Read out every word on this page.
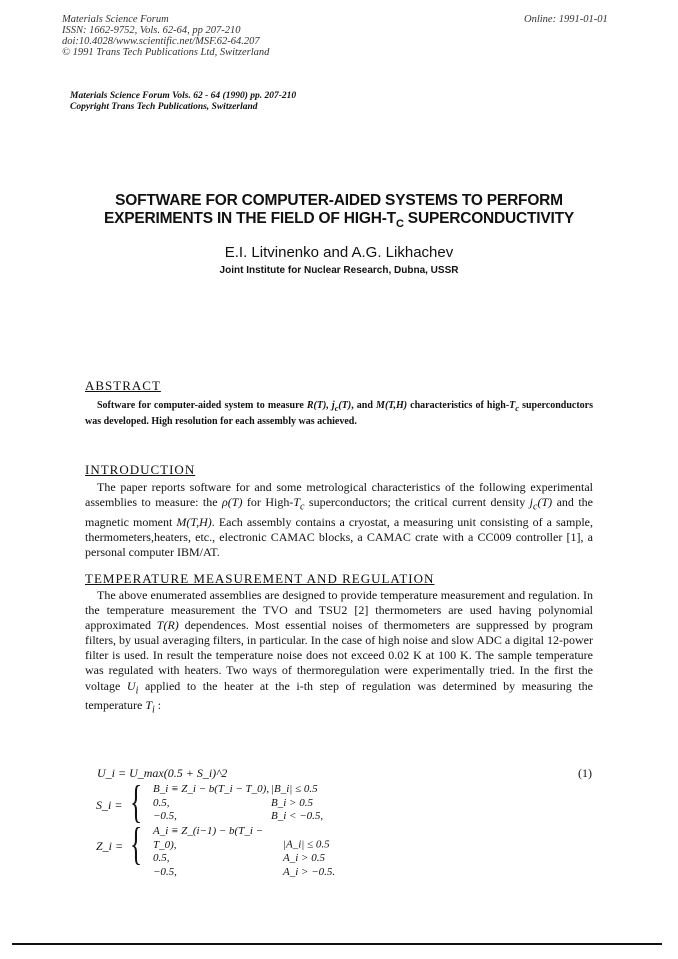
Materials Science Forum
ISSN: 1662-9752, Vols. 62-64, pp 207-210
doi:10.4028/www.scientific.net/MSF.62-64.207
© 1991 Trans Tech Publications Ltd, Switzerland
Online: 1991-01-01
Materials Science Forum Vols. 62 - 64 (1990) pp. 207-210
Copyright Trans Tech Publications, Switzerland
SOFTWARE FOR COMPUTER-AIDED SYSTEMS TO PERFORM
EXPERIMENTS IN THE FIELD OF HIGH-$T_C$ SUPERCONDUCTIVITY
E.I. Litvinenko and A.G. Likhachev
Joint Institute for Nuclear Research, Dubna, USSR
ABSTRACT

Software for computer-aided system to measure R(T), $j_c(T)$, and M(T,H) characteristics of high-$T_c$ superconductors was developed. High resolution for each assembly was achieved.

INTRODUCTION

The paper reports software for and some metrological characteristics of the following experimental assemblies to measure: the ρ(T) for High-$T_c$ superconductors; the critical current density $j_c(T)$ and the magnetic moment M(T,H). Each assembly contains a cryostat, a measuring unit consisting of a sample, thermometers,heaters, etc., electronic CAMAC blocks, a CAMAC crate with a CC009 controller [1], a personal computer IBM/AT.

TEMPERATURE MEASUREMENT AND REGULATION

The above enumerated assemblies are designed to provide temperature measurement and regulation. In the temperature measurement the TVO and TSU2 [2] thermometers are used having polynomial approximated T(R) dependences. Most essential noises of thermometers are suppressed by program filters, by usual averaging filters, in particular. In the case of high noise and slow ADC a digital 12-power filter is used. In result the temperature noise does not exceed 0.02 K at 100 K. The sample temperature was regulated with heaters. Two ways of thermoregulation were experimentally tried. In the first the voltage $U_i$ applied to the heater at the i-th step of regulation was determined by measuring the temperature $T_i$ :

U_i = U_max(0.5 + S_i)^2	(1)
S_i = { B_i ≡ Z_i − b(T_i − T_0), |B_i| ≤ 0.5
0.5,	B_i > 0.5
−0.5,	B_i < −0.5,
Z_i = { A_i ≡ Z_(i−1) − b(T_i − T_0),	|A_i| ≤ 0.5
0.5,	A_i > 0.5
−0.5,	A_i > −0.5.
